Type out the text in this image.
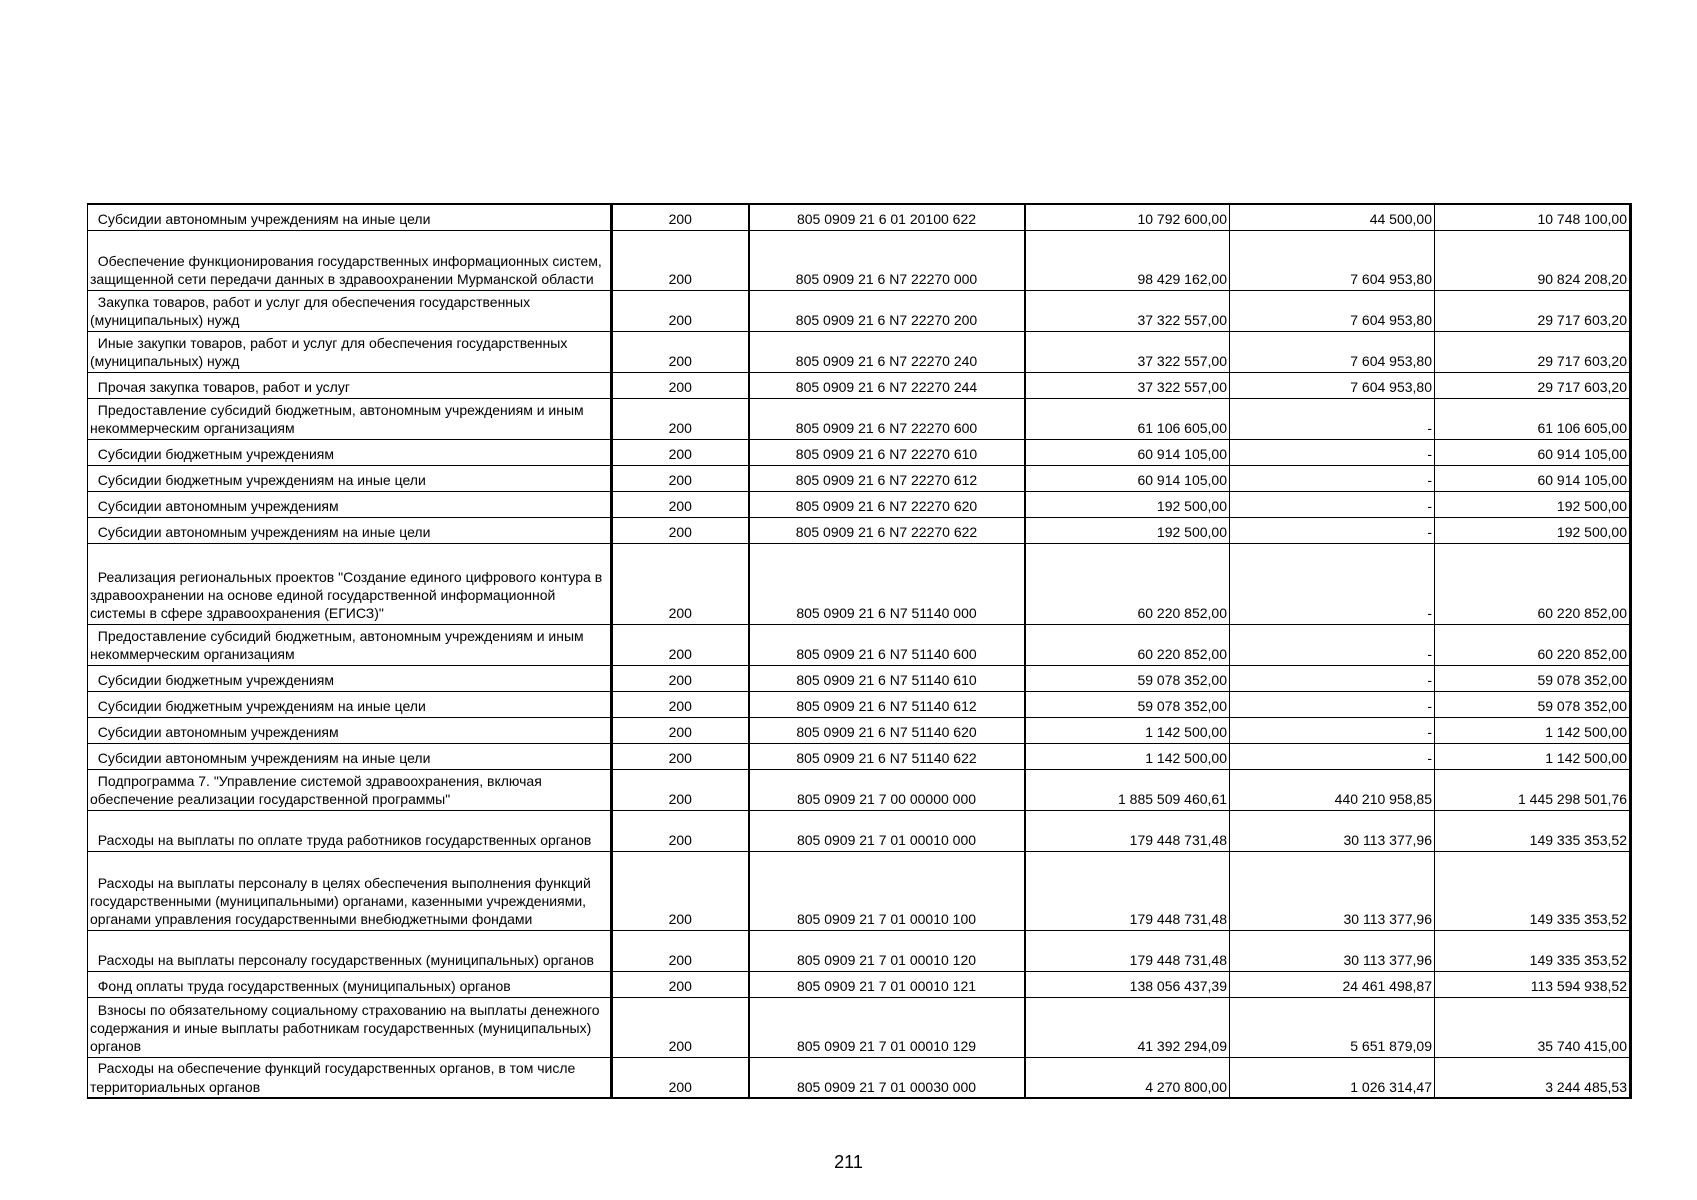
Субсидии автономным учреждениям на иные цели	200	805 0909 21 6 01 20100 622	10 792 600,00	44 500,00	10 748 100,00

Обеспечение функционирования государственных информационных систем, защищенной сети передачи данных в здравоохранении Мурманской области	200	805 0909 21 6 N7 22270 000	98 429 162,00	7 604 953,80	90 824 208,20

Закупка товаров, работ и услуг для обеспечения государственных (муниципальных) нужд	200	805 0909 21 6 N7 22270 200	37 322 557,00	7 604 953,80	29 717 603,20

Иные закупки товаров, работ и услуг для обеспечения государственных (муниципальных) нужд	200	805 0909 21 6 N7 22270 240	37 322 557,00	7 604 953,80	29 717 603,20

Прочая закупка товаров, работ и услуг	200	805 0909 21 6 N7 22270 244	37 322 557,00	7 604 953,80	29 717 603,20

Предоставление субсидий бюджетным, автономным учреждениям и иным некоммерческим организациям	200	805 0909 21 6 N7 22270 600	61 106 605,00	-	61 106 605,00

Субсидии бюджетным учреждениям	200	805 0909 21 6 N7 22270 610	60 914 105,00	-	60 914 105,00

Субсидии бюджетным учреждениям на иные цели	200	805 0909 21 6 N7 22270 612	60 914 105,00	-	60 914 105,00

Субсидии автономным учреждениям	200	805 0909 21 6 N7 22270 620	192 500,00	-	192 500,00

Субсидии автономным учреждениям на иные цели	200	805 0909 21 6 N7 22270 622	192 500,00	-	192 500,00

Реализация региональных проектов "Создание единого цифрового контура в здравоохранении на основе единой государственной информационной системы в сфере здравоохранения (ЕГИСЗ)"	200	805 0909 21 6 N7 51140 000	60 220 852,00	-	60 220 852,00

Предоставление субсидий бюджетным, автономным учреждениям и иным некоммерческим организациям	200	805 0909 21 6 N7 51140 600	60 220 852,00	-	60 220 852,00

Субсидии бюджетным учреждениям	200	805 0909 21 6 N7 51140 610	59 078 352,00	-	59 078 352,00

Субсидии бюджетным учреждениям на иные цели	200	805 0909 21 6 N7 51140 612	59 078 352,00	-	59 078 352,00

Субсидии автономным учреждениям	200	805 0909 21 6 N7 51140 620	1 142 500,00	-	1 142 500,00

Субсидии автономным учреждениям на иные цели	200	805 0909 21 6 N7 51140 622	1 142 500,00	-	1 142 500,00

Подпрограмма 7. "Управление системой здравоохранения, включая обеспечение реализации государственной программы"	200	805 0909 21 7 00 00000 000	1 885 509 460,61	440 210 958,85	1 445 298 501,76

Расходы на выплаты по оплате труда работников государственных органов	200	805 0909 21 7 01 00010 000	179 448 731,48	30 113 377,96	149 335 353,52

Расходы на выплаты персоналу в целях обеспечения выполнения функций государственными (муниципальными) органами, казенными учреждениями, органами управления государственными внебюджетными фондами	200	805 0909 21 7 01 00010 100	179 448 731,48	30 113 377,96	149 335 353,52

Расходы на выплаты персоналу государственных (муниципальных) органов	200	805 0909 21 7 01 00010 120	179 448 731,48	30 113 377,96	149 335 353,52

Фонд оплаты труда государственных (муниципальных) органов	200	805 0909 21 7 01 00010 121	138 056 437,39	24 461 498,87	113 594 938,52

Взносы по обязательному социальному страхованию на выплаты денежного содержания и иные выплаты работникам государственных (муниципальных) органов	200	805 0909 21 7 01 00010 129	41 392 294,09	5 651 879,09	35 740 415,00

Расходы на обеспечение функций государственных органов, в том числе территориальных органов	200	805 0909 21 7 01 00030 000	4 270 800,00	1 026 314,47	3 244 485,53
211
